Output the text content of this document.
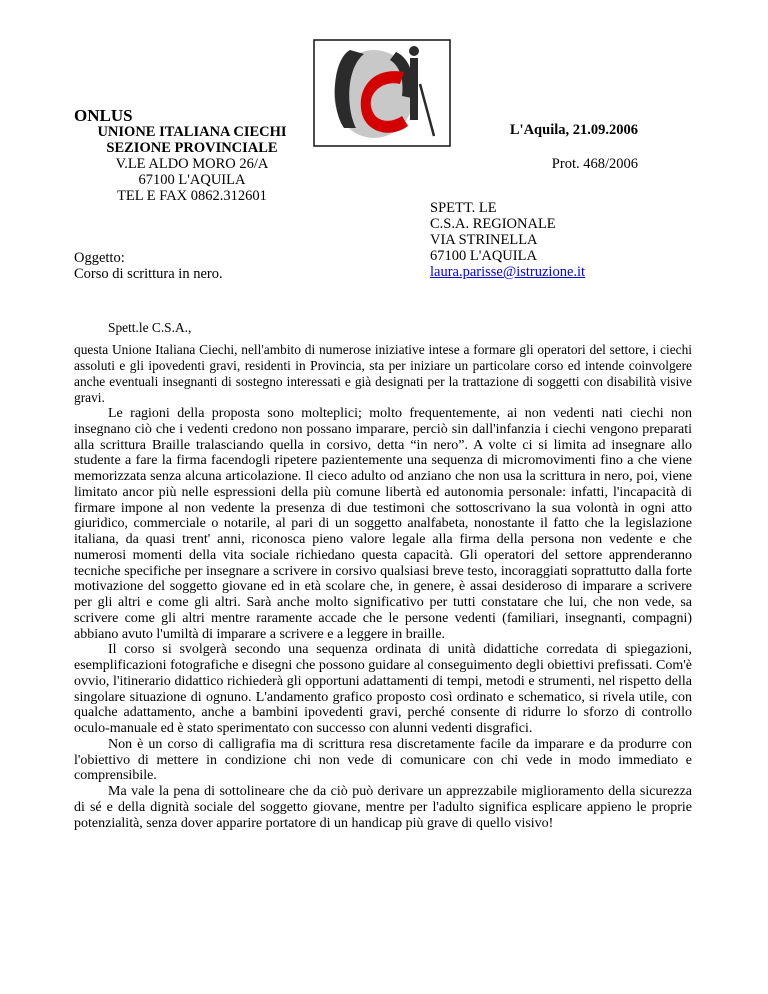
ONLUS
UNIONE ITALIANA CIECHI
SEZIONE PROVINCIALE
V.LE ALDO MORO 26/A
67100 L'AQUILA
TEL E FAX 0862.312601
L'Aquila, 21.09.2006
Prot. 468/2006
SPETT. LE
C.S.A. REGIONALE
VIA STRINELLA
67100 L'AQUILA
laura.parisse@istruzione.it
Oggetto:
Corso di scrittura in nero.
Spett.le C.S.A.,
questa Unione Italiana Ciechi, nell'ambito di numerose iniziative intese a formare gli operatori del settore, i ciechi assoluti e gli ipovedenti gravi, residenti in Provincia, sta per iniziare un particolare corso ed intende coinvolgere anche eventuali insegnanti di sostegno interessati e già designati per la trattazione di soggetti con disabilità visive gravi.

Le ragioni della proposta sono molteplici; molto frequentemente, ai non vedenti nati ciechi non insegnano ciò che i vedenti credono non possano imparare, perciò sin dall'infanzia i ciechi vengono preparati alla scrittura Braille tralasciando quella in corsivo, detta “in nero”. A volte ci si limita ad insegnare allo studente a fare la firma facendogli ripetere pazientemente una sequenza di micromovimenti fino a che viene memorizzata senza alcuna articolazione. Il cieco adulto od anziano che non usa la scrittura in nero, poi, viene limitato ancor più nelle espressioni della più comune libertà ed autonomia personale: infatti, l'incapacità di firmare impone al non vedente la presenza di due testimoni che sottoscrivano la sua volontà in ogni atto giuridico, commerciale o notarile, al pari di un soggetto analfabeta, nonostante il fatto che la legislazione italiana, da quasi trent' anni, riconosca pieno valore legale alla firma della persona non vedente e che numerosi momenti della vita sociale richiedano questa capacità. Gli operatori del settore apprenderanno tecniche specifiche per insegnare a scrivere in corsivo qualsiasi breve testo, incoraggiati soprattutto dalla forte motivazione del soggetto giovane ed in età scolare che, in genere, è assai desideroso di imparare a scrivere per gli altri e come gli altri. Sarà anche molto significativo per tutti constatare che lui, che non vede, sa scrivere come gli altri mentre raramente accade che le persone vedenti (familiari, insegnanti, compagni) abbiano avuto l'umiltà di imparare a scrivere e a leggere in braille.

Il corso si svolgerà secondo una sequenza ordinata di unità didattiche corredata di spiegazioni, esemplificazioni fotografiche e disegni che possono guidare al conseguimento degli obiettivi prefissati. Com'è ovvio, l'itinerario didattico richiederà gli opportuni adattamenti di tempi, metodi e strumenti, nel rispetto della singolare situazione di ognuno. L'andamento grafico proposto così ordinato e schematico, si rivela utile, con qualche adattamento, anche a bambini ipovedenti gravi, perché consente di ridurre lo sforzo di controllo oculo-manuale ed è stato sperimentato con successo con alunni vedenti disgrafici.

Non è un corso di calligrafia ma di scrittura resa discretamente facile da imparare e da produrre con l'obiettivo di mettere in condizione chi non vede di comunicare con chi vede in modo immediato e comprensibile.

Ma vale la pena di sottolineare che da ciò può derivare un apprezzabile miglioramento della sicurezza di sé e della dignità sociale del soggetto giovane, mentre per l'adulto significa esplicare appieno le proprie potenzialità, senza dover apparire portatore di un handicap più grave di quello visivo!
